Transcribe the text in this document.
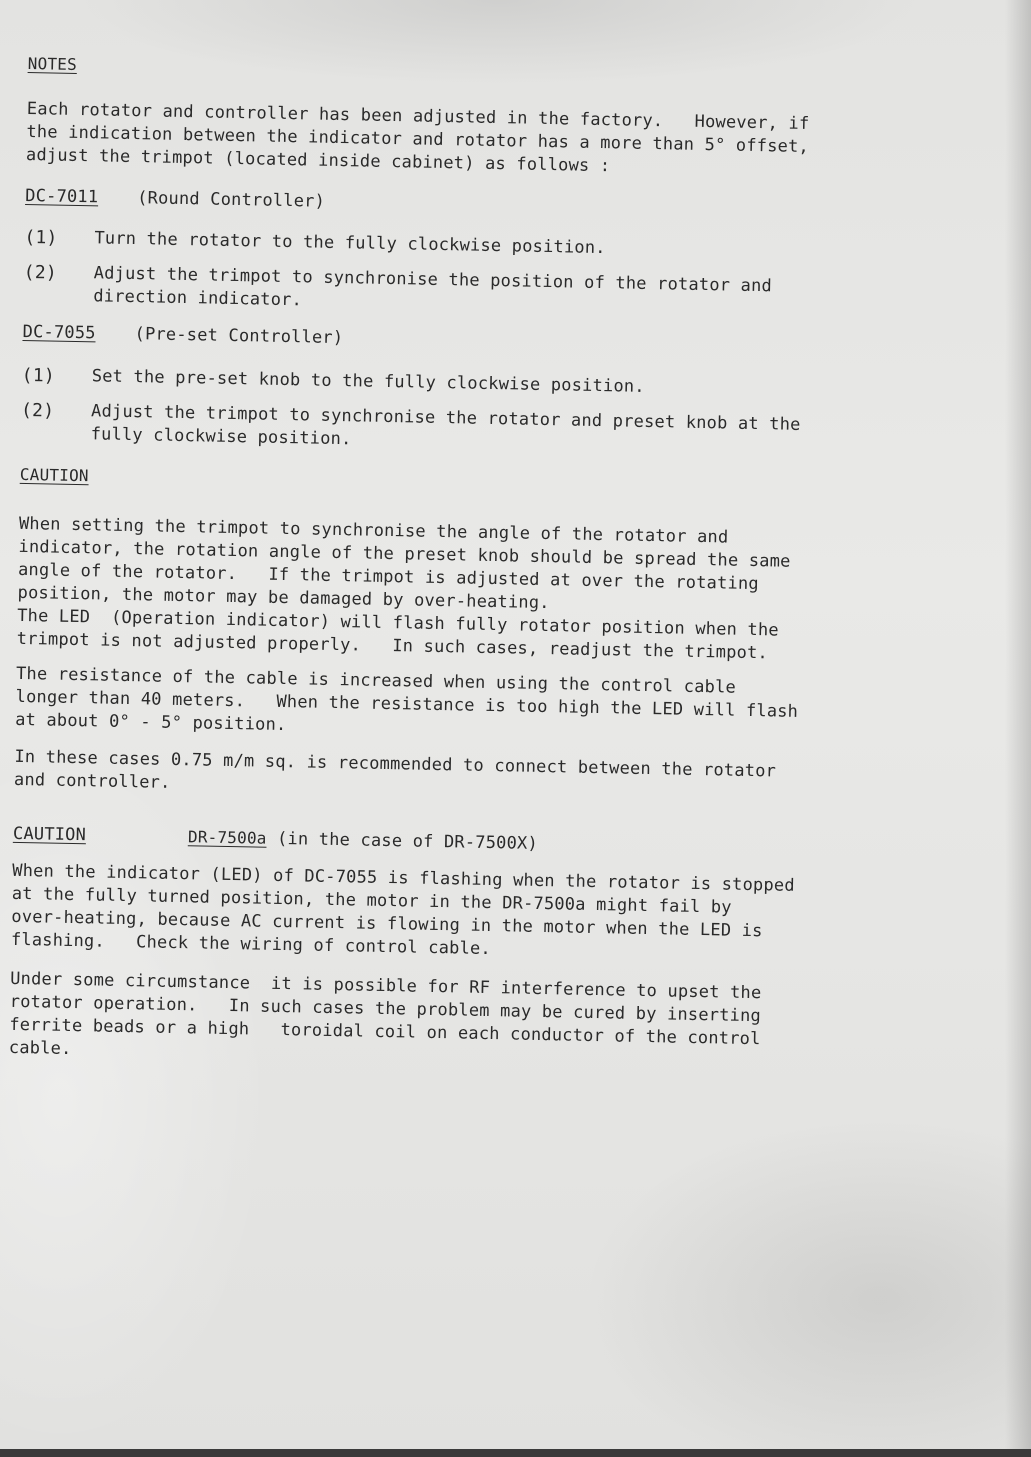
NOTES

Each rotator and controller has been adjusted in the factory.   However, if
the indication between the indicator and rotator has a more than 5° offset,
adjust the trimpot (located inside cabinet) as follows :

DC-7011 (Round Controller)
(1)	Turn the rotator to the fully clockwise position.
(2)	Adjust the trimpot to synchronise the position of the rotator and
direction indicator.
DC-7055 (Pre-set Controller)
(1)	Set the pre-set knob to the fully clockwise position.
(2)	Adjust the trimpot to synchronise the rotator and preset knob at the
fully clockwise position.
CAUTION

When setting the trimpot to synchronise the angle of the rotator and
indicator, the rotation angle of the preset knob should be spread the same
angle of the rotator.   If the trimpot is adjusted at over the rotating
position, the motor may be damaged by over-heating.
The LED  (Operation indicator) will flash fully rotator position when the
trimpot is not adjusted properly.   In such cases, readjust the trimpot.

The resistance of the cable is increased when using the control cable
longer than 40 meters.   When the resistance is too high the LED will flash
at about 0° - 5° position.

In these cases 0.75 m/m sq. is recommended to connect between the rotator
and controller.

CAUTION	DR-7500a (in the case of DR-7500X)

When the indicator (LED) of DC-7055 is flashing when the rotator is stopped
at the fully turned position, the motor in the DR-7500a might fail by
over-heating, because AC current is flowing in the motor when the LED is
flashing.   Check the wiring of control cable.

Under some circumstance  it is possible for RF interference to upset the
rotator operation.   In such cases the problem may be cured by inserting
ferrite beads or a high   toroidal coil on each conductor of the control
cable.
